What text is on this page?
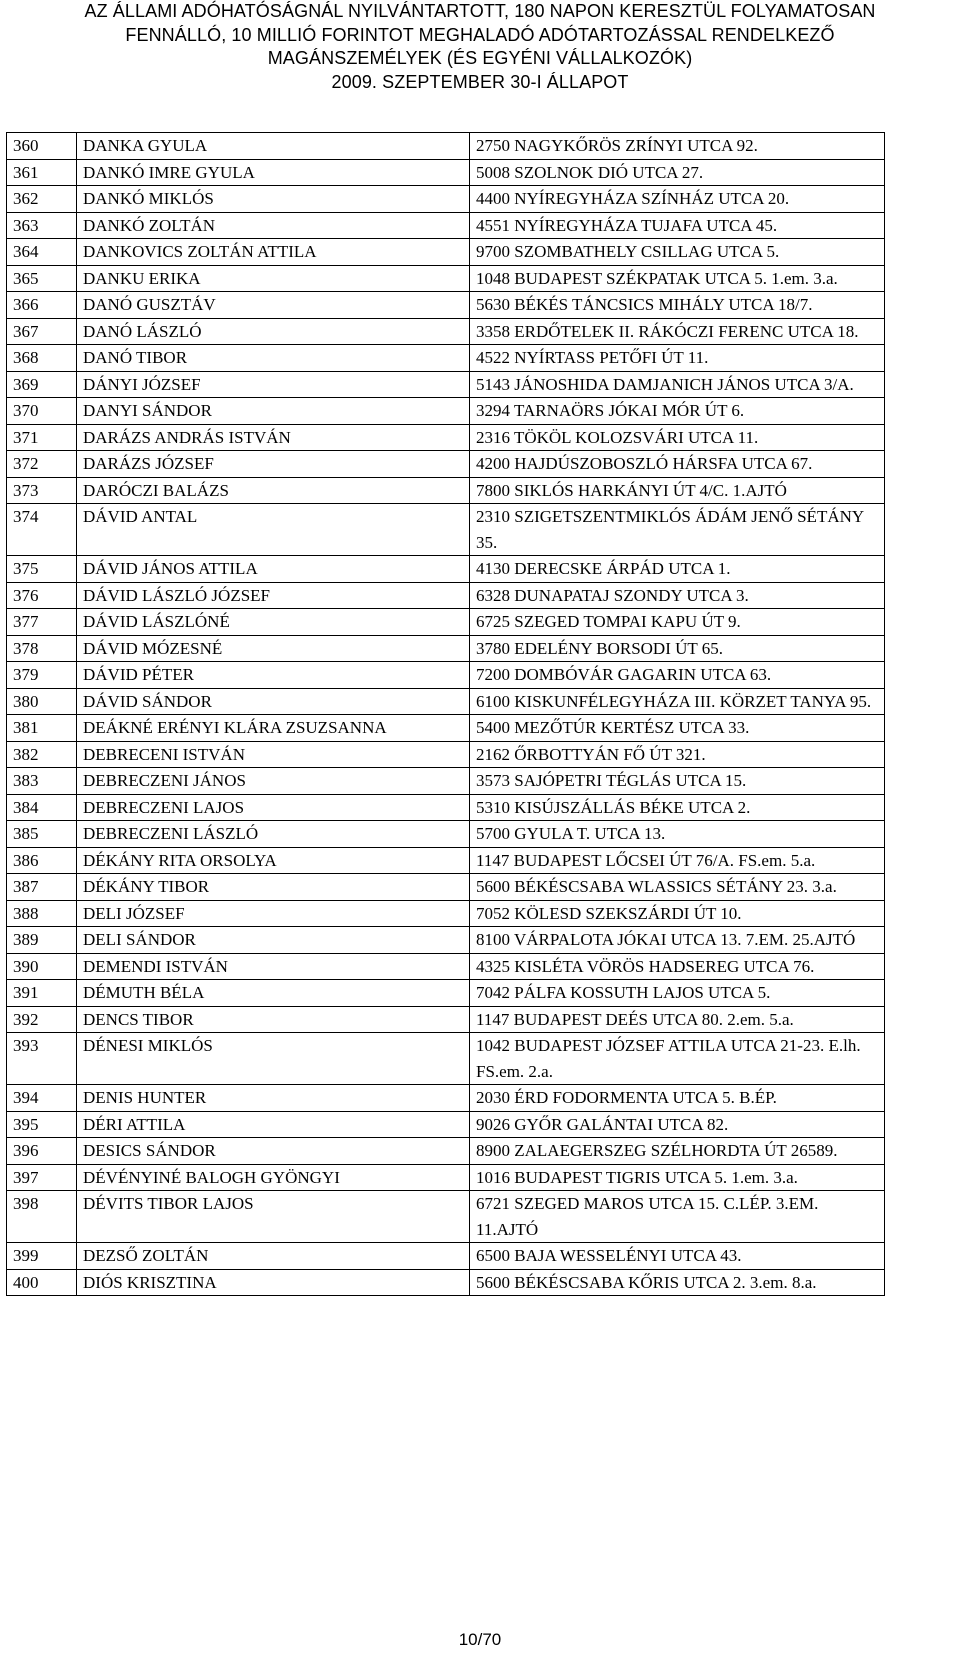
AZ ÁLLAMI ADÓHATÓSÁGNÁL NYILVÁNTARTOTT, 180 NAPON KERESZTÜL FOLYAMATOSAN
FENNÁLLÓ, 10 MILLIÓ FORINTOT MEGHALADÓ ADÓTARTOZÁSSAL RENDELKEZŐ
MAGÁNSZEMÉLYEK (ÉS EGYÉNI VÁLLALKOZÓK)
2009. SZEPTEMBER 30-I ÁLLAPOT
360	DANKA GYULA	2750 NAGYKŐRÖS ZRÍNYI UTCA 92.
361	DANKÓ IMRE GYULA	5008 SZOLNOK DIÓ UTCA 27.
362	DANKÓ MIKLÓS	4400 NYÍREGYHÁZA SZÍNHÁZ UTCA 20.
363	DANKÓ ZOLTÁN	4551 NYÍREGYHÁZA TUJAFA UTCA 45.
364	DANKOVICS ZOLTÁN ATTILA	9700 SZOMBATHELY CSILLAG UTCA 5.
365	DANKU ERIKA	1048 BUDAPEST SZÉKPATAK UTCA 5. 1.em. 3.a.
366	DANÓ GUSZTÁV	5630 BÉKÉS TÁNCSICS MIHÁLY UTCA 18/7.
367	DANÓ LÁSZLÓ	3358 ERDŐTELEK II. RÁKÓCZI FERENC UTCA 18.
368	DANÓ TIBOR	4522 NYÍRTASS PETŐFI ÚT 11.
369	DÁNYI JÓZSEF	5143 JÁNOSHIDA DAMJANICH JÁNOS UTCA 3/A.
370	DANYI SÁNDOR	3294 TARNAÖRS JÓKAI MÓR ÚT 6.
371	DARÁZS ANDRÁS ISTVÁN	2316 TÖKÖL KOLOZSVÁRI UTCA 11.
372	DARÁZS JÓZSEF	4200 HAJDÚSZOBOSZLÓ HÁRSFA UTCA 67.
373	DARÓCZI BALÁZS	7800 SIKLÓS HARKÁNYI ÚT 4/C. 1.AJTÓ
374	DÁVID ANTAL	2310 SZIGETSZENTMIKLÓS ÁDÁM JENŐ SÉTÁNY 35.
375	DÁVID JÁNOS ATTILA	4130 DERECSKE ÁRPÁD UTCA 1.
376	DÁVID LÁSZLÓ JÓZSEF	6328 DUNAPATAJ SZONDY UTCA 3.
377	DÁVID LÁSZLÓNÉ	6725 SZEGED TOMPAI KAPU ÚT 9.
378	DÁVID MÓZESNÉ	3780 EDELÉNY BORSODI ÚT 65.
379	DÁVID PÉTER	7200 DOMBÓVÁR GAGARIN UTCA 63.
380	DÁVID SÁNDOR	6100 KISKUNFÉLEGYHÁZA III. KÖRZET TANYA 95.
381	DEÁKNÉ ERÉNYI KLÁRA ZSUZSANNA	5400 MEZŐTÚR KERTÉSZ UTCA 33.
382	DEBRECENI ISTVÁN	2162 ŐRBOTTYÁN FŐ ÚT 321.
383	DEBRECZENI JÁNOS	3573 SAJÓPETRI TÉGLÁS UTCA 15.
384	DEBRECZENI LAJOS	5310 KISÚJSZÁLLÁS BÉKE UTCA 2.
385	DEBRECZENI LÁSZLÓ	5700 GYULA T. UTCA 13.
386	DÉKÁNY RITA ORSOLYA	1147 BUDAPEST LŐCSEI ÚT 76/A. FS.em. 5.a.
387	DÉKÁNY TIBOR	5600 BÉKÉSCSABA WLASSICS SÉTÁNY 23. 3.a.
388	DELI JÓZSEF	7052 KÖLESD SZEKSZÁRDI ÚT 10.
389	DELI SÁNDOR	8100 VÁRPALOTA JÓKAI UTCA 13. 7.EM. 25.AJTÓ
390	DEMENDI ISTVÁN	4325 KISLÉTA VÖRÖS HADSEREG UTCA 76.
391	DÉMUTH BÉLA	7042 PÁLFA KOSSUTH LAJOS UTCA 5.
392	DENCS TIBOR	1147 BUDAPEST DEÉS UTCA 80. 2.em. 5.a.
393	DÉNESI MIKLÓS	1042 BUDAPEST JÓZSEF ATTILA UTCA 21-23. E.lh. FS.em. 2.a.
394	DENIS HUNTER	2030 ÉRD FODORMENTA UTCA 5. B.ÉP.
395	DÉRI ATTILA	9026 GYŐR GALÁNTAI UTCA 82.
396	DESICS SÁNDOR	8900 ZALAEGERSZEG SZÉLHORDTA ÚT 26589.
397	DÉVÉNYINÉ BALOGH GYÖNGYI	1016 BUDAPEST TIGRIS UTCA 5. 1.em. 3.a.
398	DÉVITS TIBOR LAJOS	6721 SZEGED MAROS UTCA 15. C.LÉP. 3.EM. 11.AJTÓ
399	DEZSŐ ZOLTÁN	6500 BAJA WESSELÉNYI UTCA 43.
400	DIÓS KRISZTINA	5600 BÉKÉSCSABA KŐRIS UTCA 2. 3.em. 8.a.
10/70
